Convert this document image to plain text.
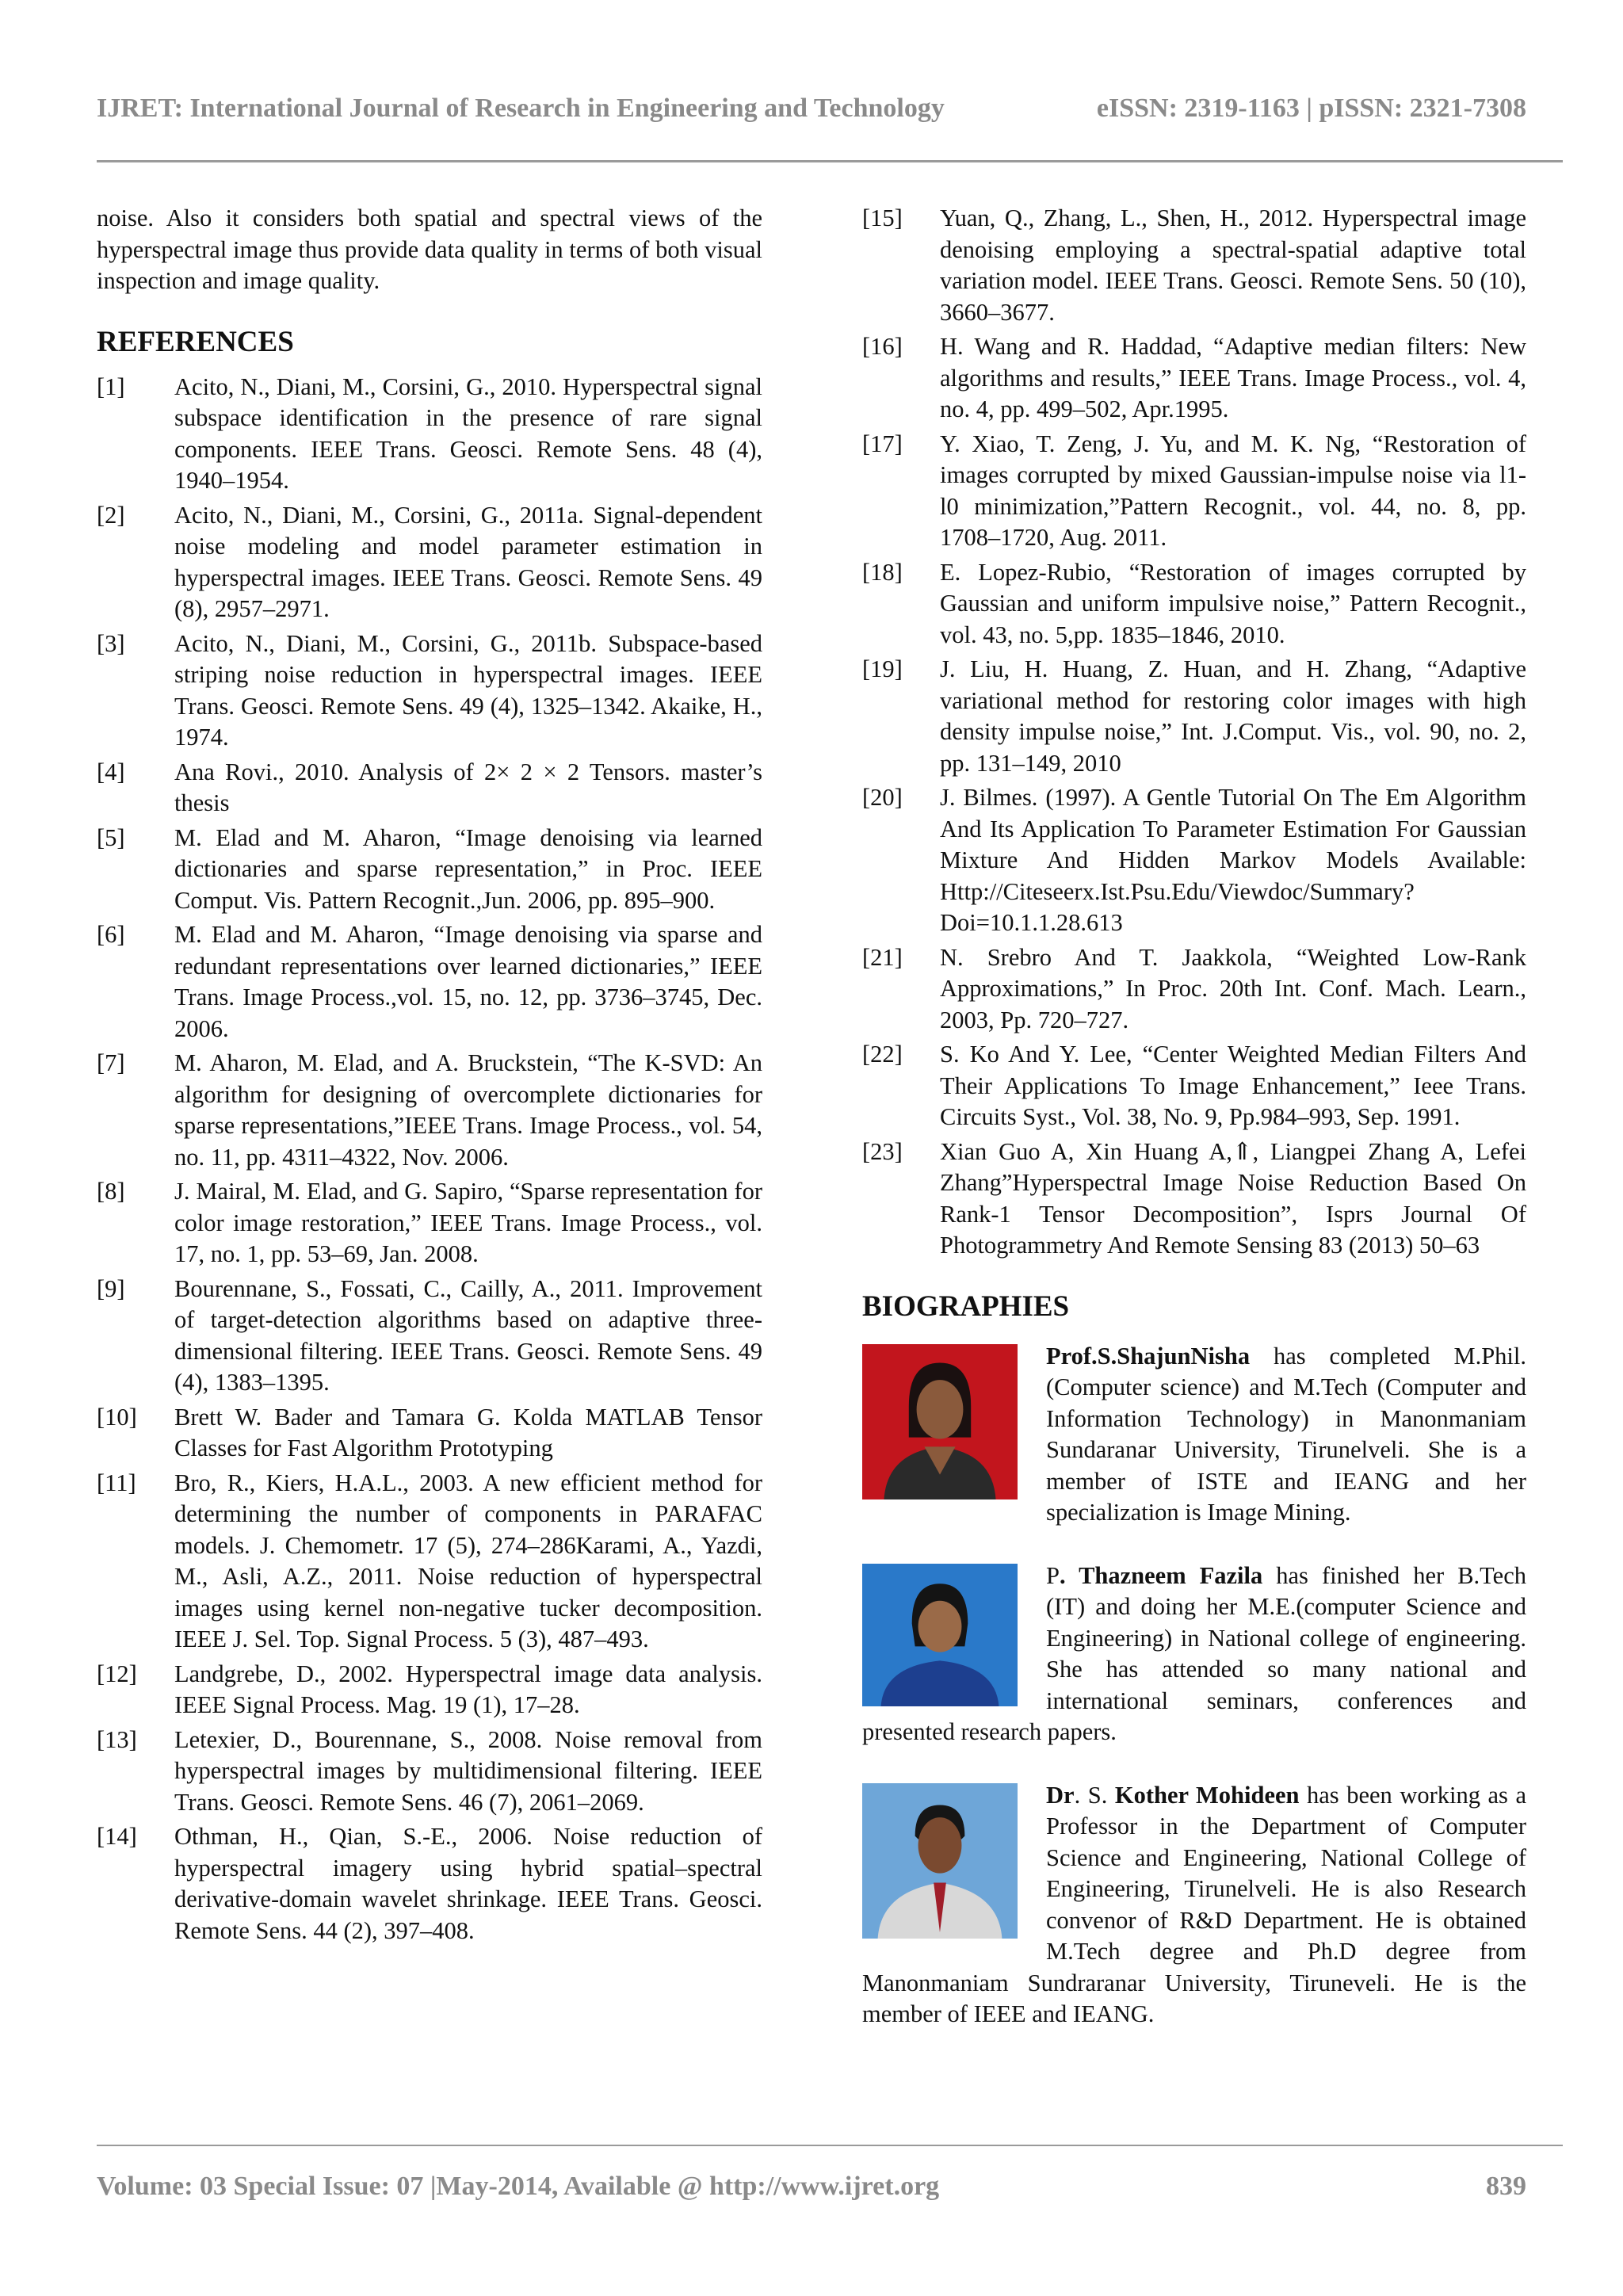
IJRET: International Journal of Research in Engineering and Technology	eISSN: 2319-1163 | pISSN: 2321-7308

noise. Also it considers both spatial and spectral views of the hyperspectral image thus provide data quality in terms of both visual inspection and image quality.

REFERENCES
[1]	Acito, N., Diani, M., Corsini, G., 2010. Hyperspectral signal subspace identification in the presence of rare signal components. IEEE Trans. Geosci. Remote Sens. 48 (4), 1940–1954.
[2]	Acito, N., Diani, M., Corsini, G., 2011a. Signal-dependent noise modeling and model parameter estimation in hyperspectral images. IEEE Trans. Geosci. Remote Sens. 49 (8), 2957–2971.
[3]	Acito, N., Diani, M., Corsini, G., 2011b. Subspace-based striping noise reduction in hyperspectral images. IEEE Trans. Geosci. Remote Sens. 49 (4), 1325–1342. Akaike, H., 1974.
[4]	Ana Rovi., 2010. Analysis of 2× 2 × 2 Tensors. master’s thesis
[5]	M. Elad and M. Aharon, “Image denoising via learned dictionaries and sparse representation,” in Proc. IEEE Comput. Vis. Pattern Recognit.,Jun. 2006, pp. 895–900.
[6]	M. Elad and M. Aharon, “Image denoising via sparse and redundant representations over learned dictionaries,” IEEE Trans. Image Process.,vol. 15, no. 12, pp. 3736–3745, Dec. 2006.
[7]	M. Aharon, M. Elad, and A. Bruckstein, “The K-SVD: An algorithm for designing of overcomplete dictionaries for sparse representations,”IEEE Trans. Image Process., vol. 54, no. 11, pp. 4311–4322, Nov. 2006.
[8]	J. Mairal, M. Elad, and G. Sapiro, “Sparse representation for color image restoration,” IEEE Trans. Image Process., vol. 17, no. 1, pp. 53–69, Jan. 2008.
[9]	Bourennane, S., Fossati, C., Cailly, A., 2011. Improvement of target-detection algorithms based on adaptive three-dimensional filtering. IEEE Trans. Geosci. Remote Sens. 49 (4), 1383–1395.
[10]	Brett W. Bader and Tamara G. Kolda MATLAB Tensor Classes for Fast Algorithm Prototyping
[11]	Bro, R., Kiers, H.A.L., 2003. A new efficient method for determining the number of components in PARAFAC models. J. Chemometr. 17 (5), 274–286Karami, A., Yazdi, M., Asli, A.Z., 2011. Noise reduction of hyperspectral images using kernel non-negative tucker decomposition. IEEE J. Sel. Top. Signal Process. 5 (3), 487–493.
[12]	Landgrebe, D., 2002. Hyperspectral image data analysis. IEEE Signal Process. Mag. 19 (1), 17–28.
[13]	Letexier, D., Bourennane, S., 2008. Noise removal from hyperspectral images by multidimensional filtering. IEEE Trans. Geosci. Remote Sens. 46 (7), 2061–2069.
[14]	Othman, H., Qian, S.-E., 2006. Noise reduction of hyperspectral imagery using hybrid spatial–spectral derivative-domain wavelet shrinkage. IEEE Trans. Geosci. Remote Sens. 44 (2), 397–408.
[15]	Yuan, Q., Zhang, L., Shen, H., 2012. Hyperspectral image denoising employing a spectral-spatial adaptive total variation model. IEEE Trans. Geosci. Remote Sens. 50 (10), 3660–3677.
[16]	H. Wang and R. Haddad, “Adaptive median filters: New algorithms and results,” IEEE Trans. Image Process., vol. 4, no. 4, pp. 499–502, Apr.1995.
[17]	Y. Xiao, T. Zeng, J. Yu, and M. K. Ng, “Restoration of images corrupted by mixed Gaussian-impulse noise via l1-l0 minimization,”Pattern Recognit., vol. 44, no. 8, pp. 1708–1720, Aug. 2011.
[18]	E. Lopez-Rubio, “Restoration of images corrupted by Gaussian and uniform impulsive noise,” Pattern Recognit., vol. 43, no. 5,pp. 1835–1846, 2010.
[19]	J. Liu, H. Huang, Z. Huan, and H. Zhang, “Adaptive variational method for restoring color images with high density impulse noise,” Int. J.Comput. Vis., vol. 90, no. 2, pp. 131–149, 2010
[20]	J. Bilmes. (1997). A Gentle Tutorial On The Em Algorithm And Its Application To Parameter Estimation For Gaussian Mixture And Hidden Markov Models Available: Http://Citeseerx.Ist.Psu.Edu/Viewdoc/Summary?Doi=10.1.1.28.613
[21]	N. Srebro And T. Jaakkola, “Weighted Low-Rank Approximations,” In Proc. 20th Int. Conf. Mach. Learn., 2003, Pp. 720–727.
[22]	S. Ko And Y. Lee, “Center Weighted Median Filters And Their Applications To Image Enhancement,” Ieee Trans. Circuits Syst., Vol. 38, No. 9, Pp.984–993, Sep. 1991.
[23]	Xian Guo A, Xin Huang A,⇑, Liangpei Zhang A, Lefei Zhang”Hyperspectral Image Noise Reduction Based On Rank-1 Tensor Decomposition”, Isprs Journal Of Photogrammetry And Remote Sensing 83 (2013) 50–63
BIOGRAPHIES
Prof.S.ShajunNisha has completed M.Phil.(Computer science) and M.Tech (Computer and Information Technology) in Manonmaniam Sundaranar University, Tirunelveli. She is a member of ISTE and IEANG and her specialization is Image Mining.
P. Thazneem Fazila has finished her B.Tech (IT) and doing her M.E.(computer Science and Engineering) in National college of engineering. She has attended so many national and international seminars, conferences and presented research papers.
Dr. S. Kother Mohideen has been working as a Professor in the Department of Computer Science and Engineering, National College of Engineering, Tirunelveli. He is also Research convenor of R&D Department. He is obtained M.Tech degree and Ph.D degree from Manonmaniam Sundraranar University, Tiruneveli. He is the member of IEEE and IEANG.
Volume: 03 Special Issue: 07 |May-2014, Available @ http://www.ijret.org	839
